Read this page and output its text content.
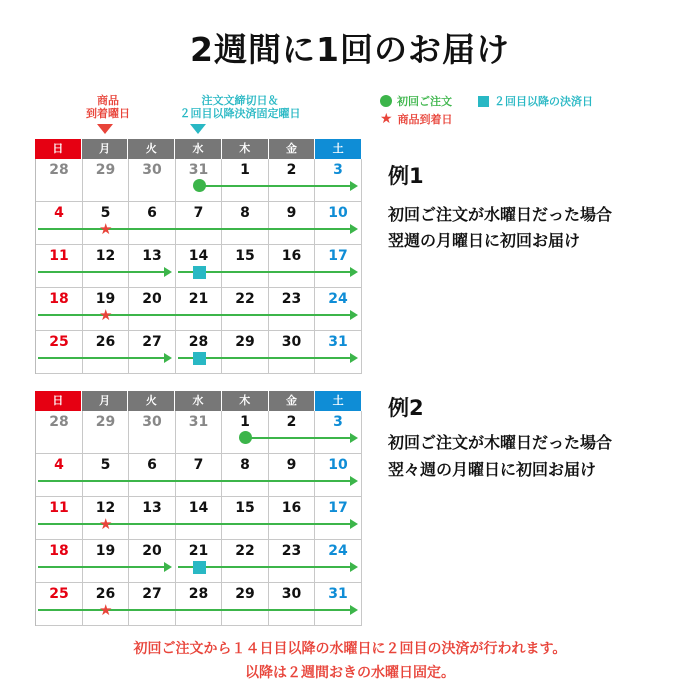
2週間に1回のお届け
商品
到着曜日
注文文締切日＆
２回目以降決済固定曜日
初回ご注文	２回目以降の決済日
★ 商品到着日
日	月	火	水	木	金	土
28	29	30	31	1	2	3
4	5	6	7	8	9	10
11	12	13	14	15	16	17
18	19	20	21	22	23	24
25	26	27	28	29	30	31
★
★
日	月	火	水	木	金	土
28	29	30	31	1	2	3
4	5	6	7	8	9	10
11	12	13	14	15	16	17
18	19	20	21	22	23	24
25	26	27	28	29	30	31
★
★
例1
初回ご注文が水曜日だった場合
翌週の月曜日に初回お届け
例2
初回ご注文が木曜日だった場合
翌々週の月曜日に初回お届け
初回ご注文から１４日目以降の水曜日に２回目の決済が行われます。
以降は２週間おきの水曜日固定。
